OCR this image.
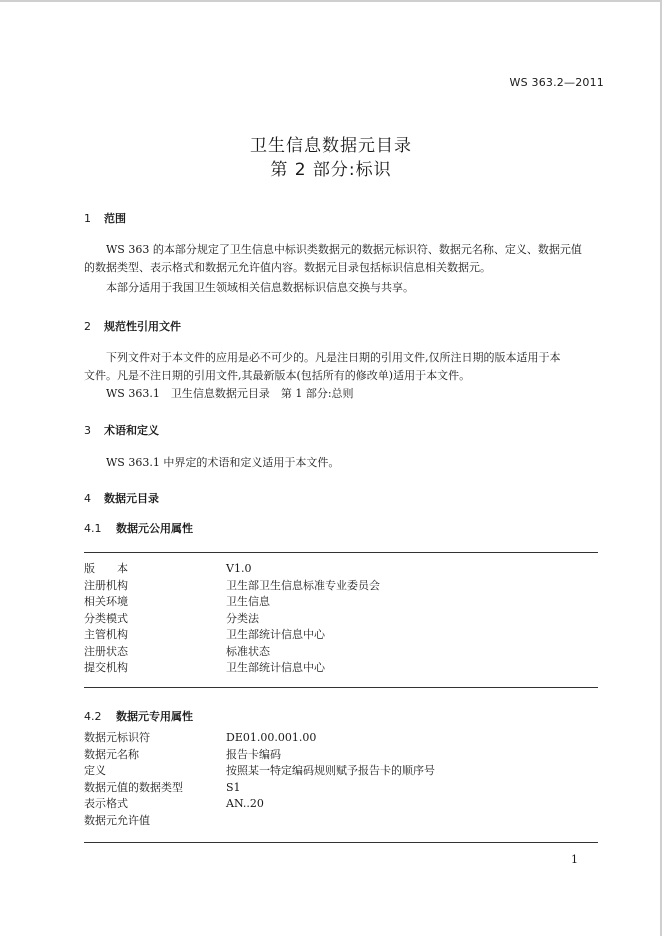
WS 363.2—2011
卫生信息数据元目录
第 2 部分:标识
1 范围
WS 363 的本部分规定了卫生信息中标识类数据元的数据元标识符、数据元名称、定义、数据元值
的数据类型、表示格式和数据元允许值内容。数据元目录包括标识信息相关数据元。
本部分适用于我国卫生领域相关信息数据标识信息交换与共享。
2 规范性引用文件
下列文件对于本文件的应用是必不可少的。凡是注日期的引用文件,仅所注日期的版本适用于本
文件。凡是不注日期的引用文件,其最新版本(包括所有的修改单)适用于本文件。
WS 363.1　卫生信息数据元目录　第 1 部分:总则
3 术语和定义
WS 363.1 中界定的术语和定义适用于本文件。
4 数据元目录
4.1 数据元公用属性
版　　本	V1.0
注册机构	卫生部卫生信息标准专业委员会
相关环境	卫生信息
分类模式	分类法
主管机构	卫生部统计信息中心
注册状态	标准状态
提交机构	卫生部统计信息中心
4.2 数据元专用属性
数据元标识符	DE01.00.001.00
数据元名称	报告卡编码
定义	按照某一特定编码规则赋予报告卡的顺序号
数据元值的数据类型	S1
表示格式	AN..20
数据元允许值
1
